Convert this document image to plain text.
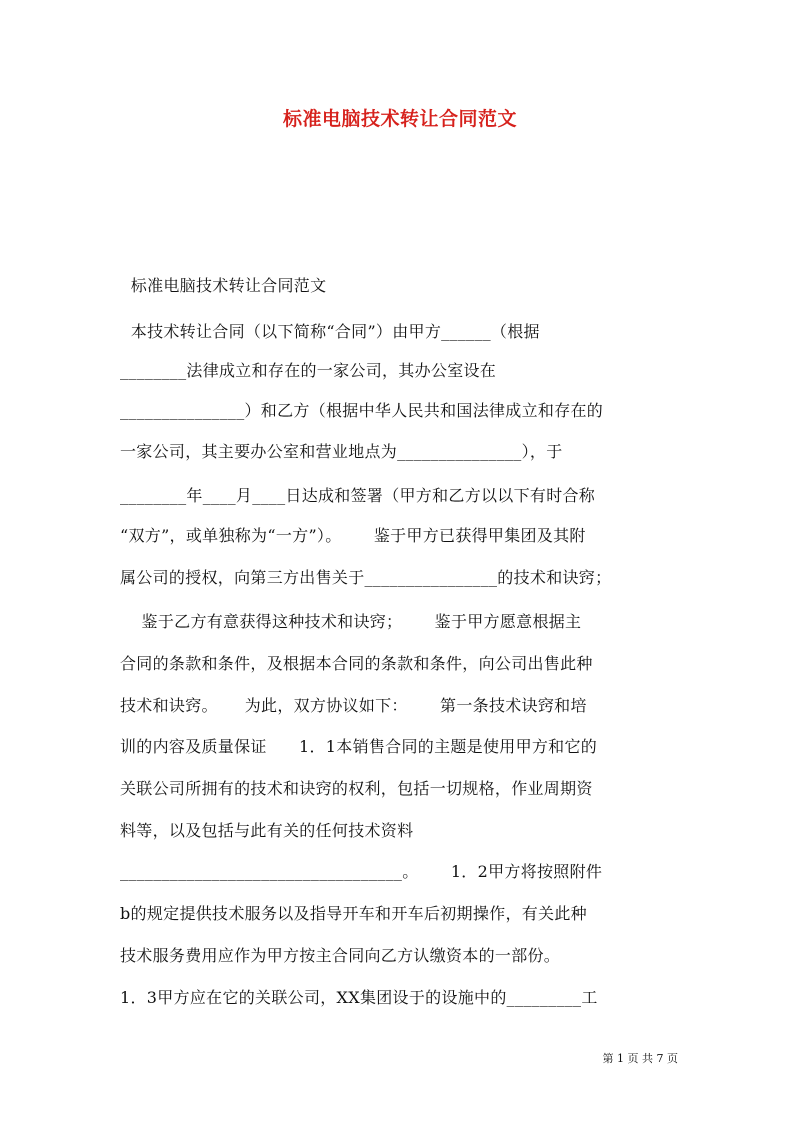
标准电脑技术转让合同范文
标准电脑技术转让合同范文
本技术转让合同（以下简称“合同”）由甲方______（根据
________法律成立和存在的一家公司，其办公室设在
_______________）和乙方（根据中华人民共和国法律成立和存在的
一家公司，其主要办公室和营业地点为_______________），于
________年____月____日达成和签署（甲方和乙方以以下有时合称
“双方”，或单独称为“一方”）。      鉴于甲方已获得甲集团及其附
属公司的授权，向第三方出售关于________________的技术和诀窍；
鉴于乙方有意获得这种技术和诀窍；      鉴于甲方愿意根据主
合同的条款和条件，及根据本合同的条款和条件，向公司出售此种
技术和诀窍。     为此，双方协议如下：      第一条技术诀窍和培
训的内容及质量保证      1．1本销售合同的主题是使用甲方和它的
关联公司所拥有的技术和诀窍的权利，包括一切规格，作业周期资
料等，以及包括与此有关的任何技术资料
__________________________________。      1．2甲方将按照附件
b的规定提供技术服务以及指导开车和开车后初期操作，有关此种
技术服务费用应作为甲方按主合同向乙方认缴资本的一部份。
1．3甲方应在它的关联公司，XX集团设于的设施中的_________工
第 1 页 共 7 页
